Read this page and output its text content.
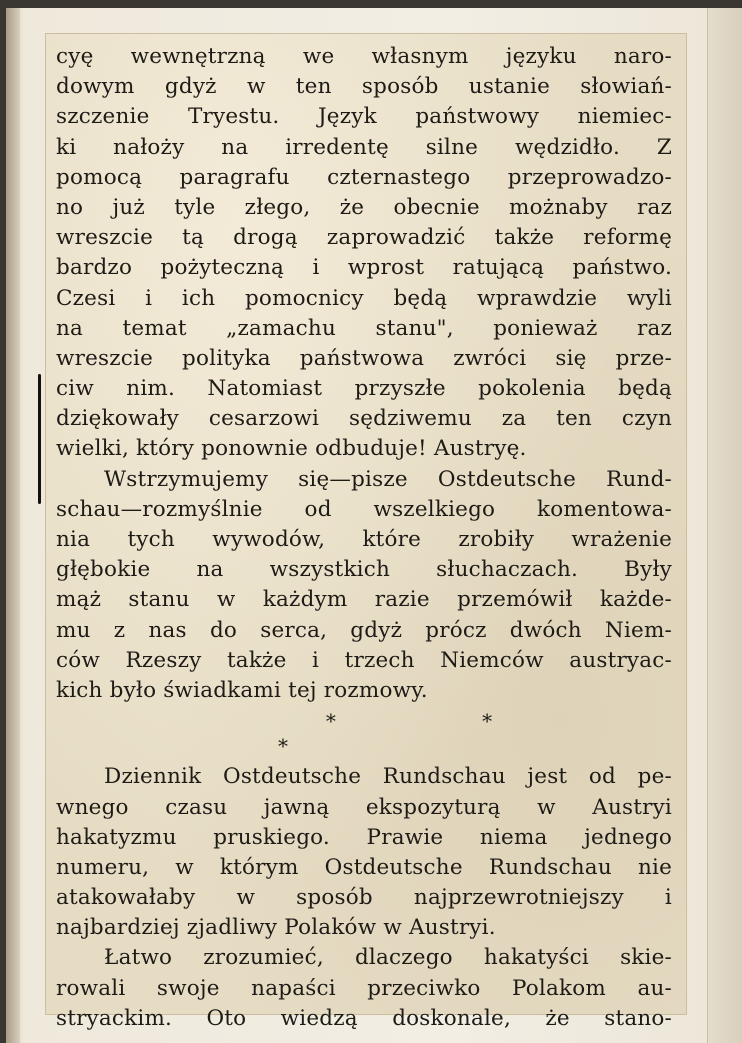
cyę wewnętrzną we własnym języku naro-
dowym gdyż w ten sposób ustanie słowiań-
szczenie Tryestu. Język państwowy niemiec-
ki nałoży na irredentę silne wędzidło. Z
pomocą paragrafu czternastego przeprowadzo-
no już tyle złego, że obecnie możnaby raz
wreszcie tą drogą zaprowadzić także reformę
bardzo pożyteczną i wprost ratującą państwo.
Czesi i ich pomocnicy będą wprawdzie wyli
na temat „zamachu stanu", ponieważ raz
wreszcie polityka państwowa zwróci się prze-
ciw nim. Natomiast przyszłe pokolenia będą
dziękowały cesarzowi sędziwemu za ten czyn
wielki, który ponownie odbuduje! Austryę.
Wstrzymujemy się—pisze Ostdeutsche Rund-
schau—rozmyślnie od wszelkiego komentowa-
nia tych wywodów, które zrobiły wrażenie
głębokie na wszystkich słuchaczach. Były
mąż stanu w każdym razie przemówił każde-
mu z nas do serca, gdyż prócz dwóch Niem-
ców Rzeszy także i trzech Niemców austryac-
kich było świadkami tej rozmowy.
* *
*
Dziennik Ostdeutsche Rundschau jest od pe-
wnego czasu jawną ekspozyturą w Austryi
hakatyzmu pruskiego. Prawie niema jednego
numeru, w którym Ostdeutsche Rundschau nie
atakowałaby w sposób najprzewrotniejszy i
najbardziej zjadliwy Polaków w Austryi.
Łatwo zrozumieć, dlaczego hakatyści skie-
rowali swoje napaści przeciwko Polakom au-
stryackim. Oto wiedzą doskonale, że stano-
